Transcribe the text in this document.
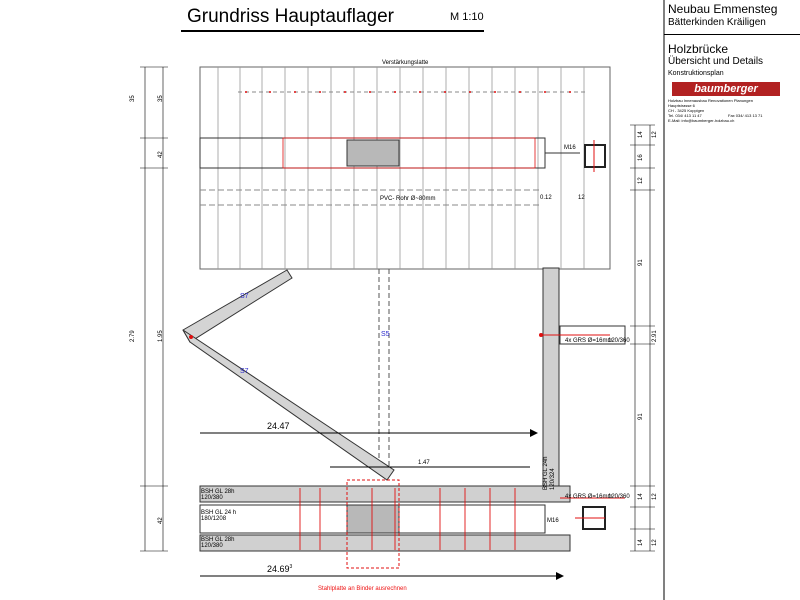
Grundriss Hauptauflager	M 1:10
Neubau Emmensteg
Bätterkinden Kräiligen
Holzbrücke
Übersicht und Details
Konstruktionsplan
baumberger
Holzbau Innenausbau Renovationen Planungen
Hauptstrasse 6
CH - 3425 Koppigen
Tel. 034/ 413 11 47	Fax 034/ 413 13 71
E-Mail: info@baumberger-holzbau.ch
Verstärkungslatte
PVC- Rohr Ø~80mm
M16
0.12	12
S7
S5
S7
24.47
1.47
24.69$^3$
BSH GL 28h
120/380
BSH GL 24 h
180/1208
BSH GL 28h
120/380
4x GRS Ø=16mm
120/360
4x GRS Ø=16mm
120/360
BSH GL 24h 120/324
M16
Stahlplatte an Binder ausrechnen
35	35
42
2.79	1.95
42
14 12
16
12
91
2.91
91
14 12
14 12
